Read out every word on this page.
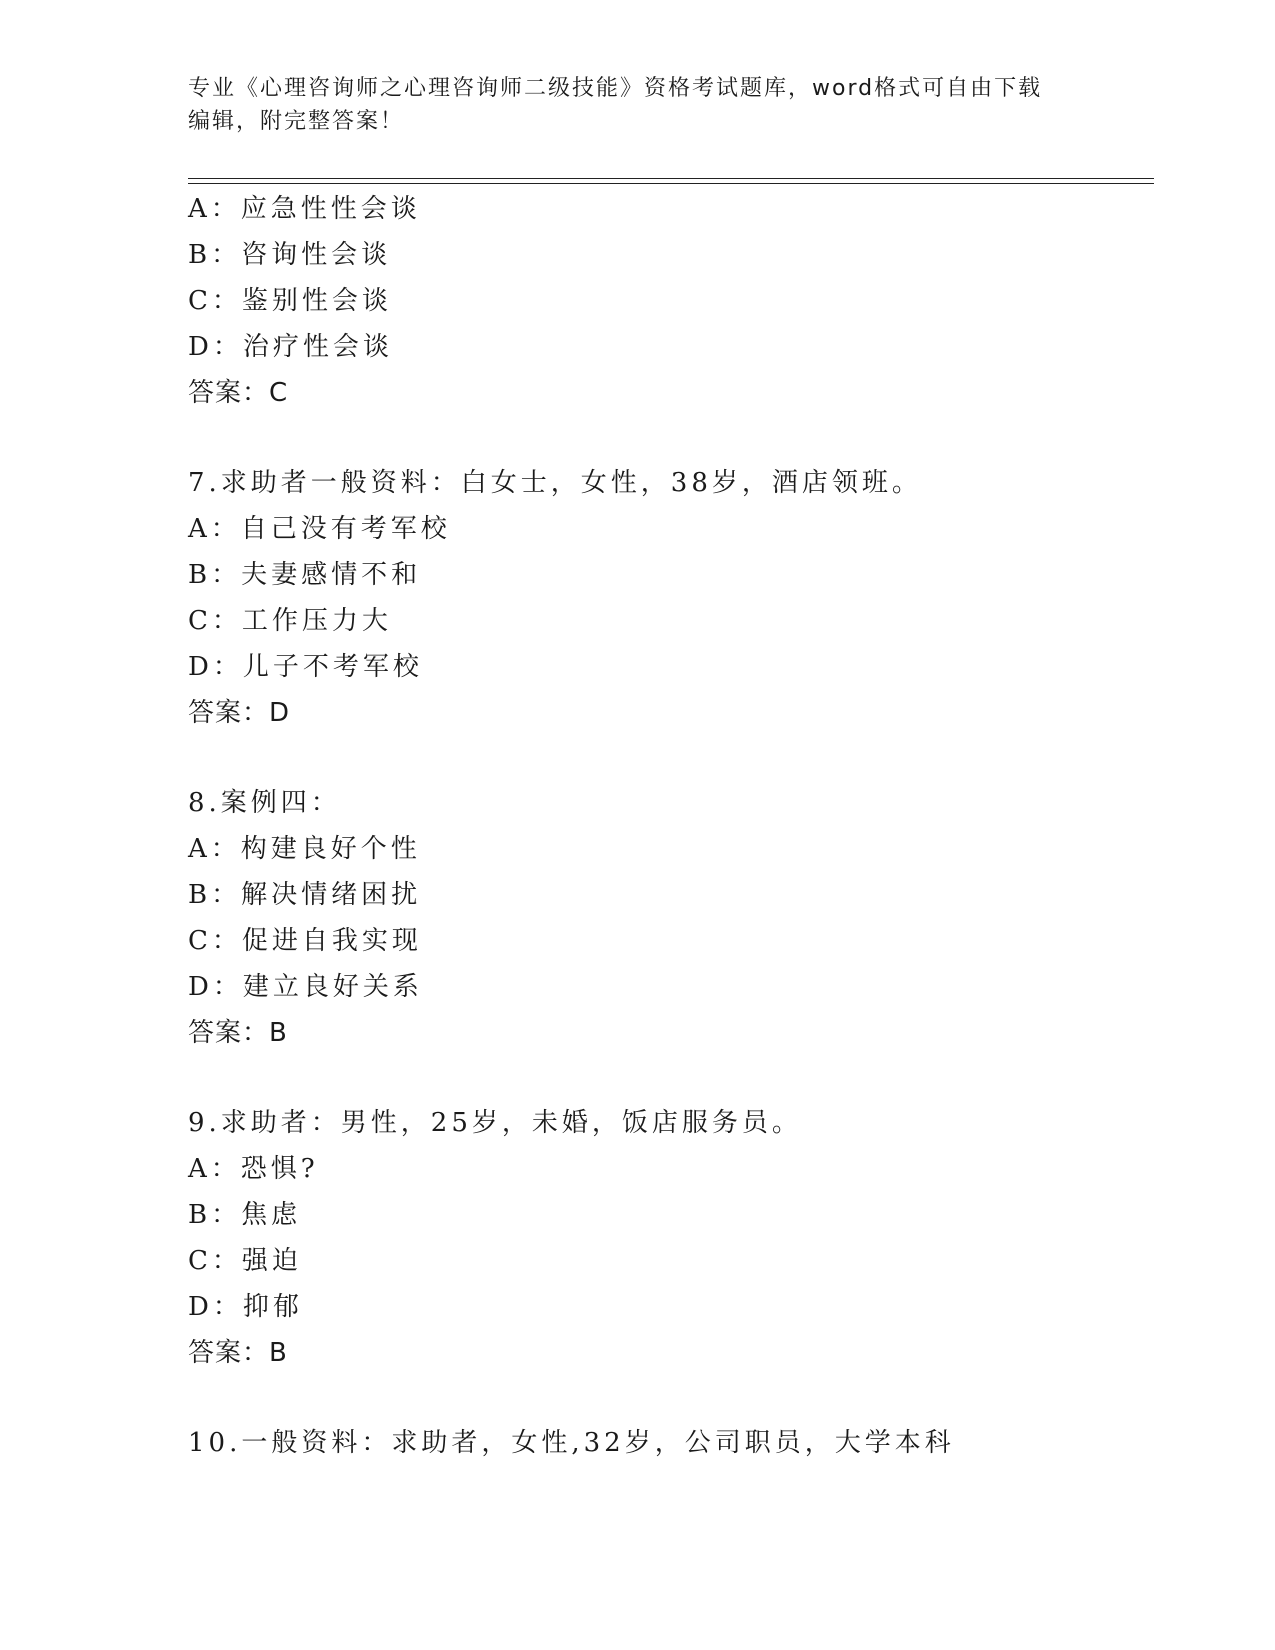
专业《心理咨询师之心理咨询师二级技能》资格考试题库，word格式可自由下载
编辑，附完整答案！
A：应急性性会谈
B：咨询性会谈
C：鉴别性会谈
D：治疗性会谈
答案：C
7.求助者一般资料：白女士，女性，38岁，酒店领班。
A：自己没有考军校
B：夫妻感情不和
C：工作压力大
D：儿子不考军校
答案：D
8.案例四：
A：构建良好个性
B：解决情绪困扰
C：促进自我实现
D：建立良好关系
答案：B
9.求助者：男性，25岁，未婚，饭店服务员。
A：恐惧?
B：焦虑
C：强迫
D：抑郁
答案：B
10.一般资料：求助者，女性,32岁，公司职员，大学本科
